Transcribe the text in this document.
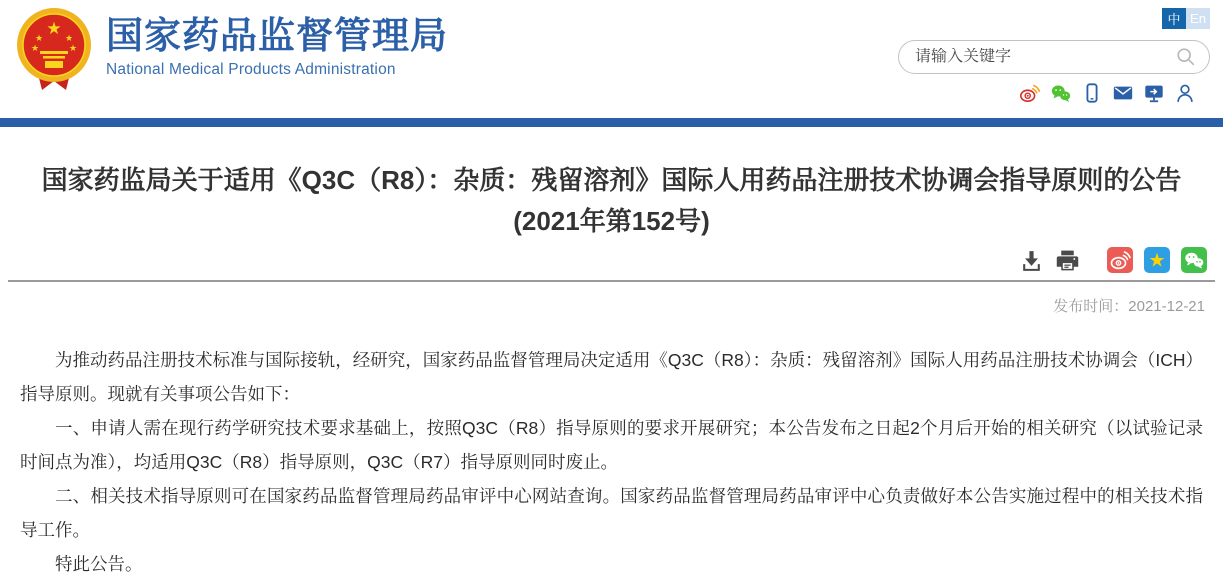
★
★ ★
★	★ 国家药品监督管理局
National Medical Products Administration
中 En
请输入关键字
国家药监局关于适用《Q3C（R8）：杂质：残留溶剂》国际人用药品注册技术协调会指导原则的公告
(2021年第152号)
★
发布时间：2021-12-21

为推动药品注册技术标准与国际接轨，经研究，国家药品监督管理局决定适用《Q3C（R8）：杂质：残留溶剂》国际人用药品注册技术协调会（ICH）指导原则。现就有关事项公告如下：

一、申请人需在现行药学研究技术要求基础上，按照Q3C（R8）指导原则的要求开展研究；本公告发布之日起2个月后开始的相关研究（以试验记录时间点为准），均适用Q3C（R8）指导原则，Q3C（R7）指导原则同时废止。

二、相关技术指导原则可在国家药品监督管理局药品审评中心网站查询。国家药品监督管理局药品审评中心负责做好本公告实施过程中的相关技术指导工作。

特此公告。
